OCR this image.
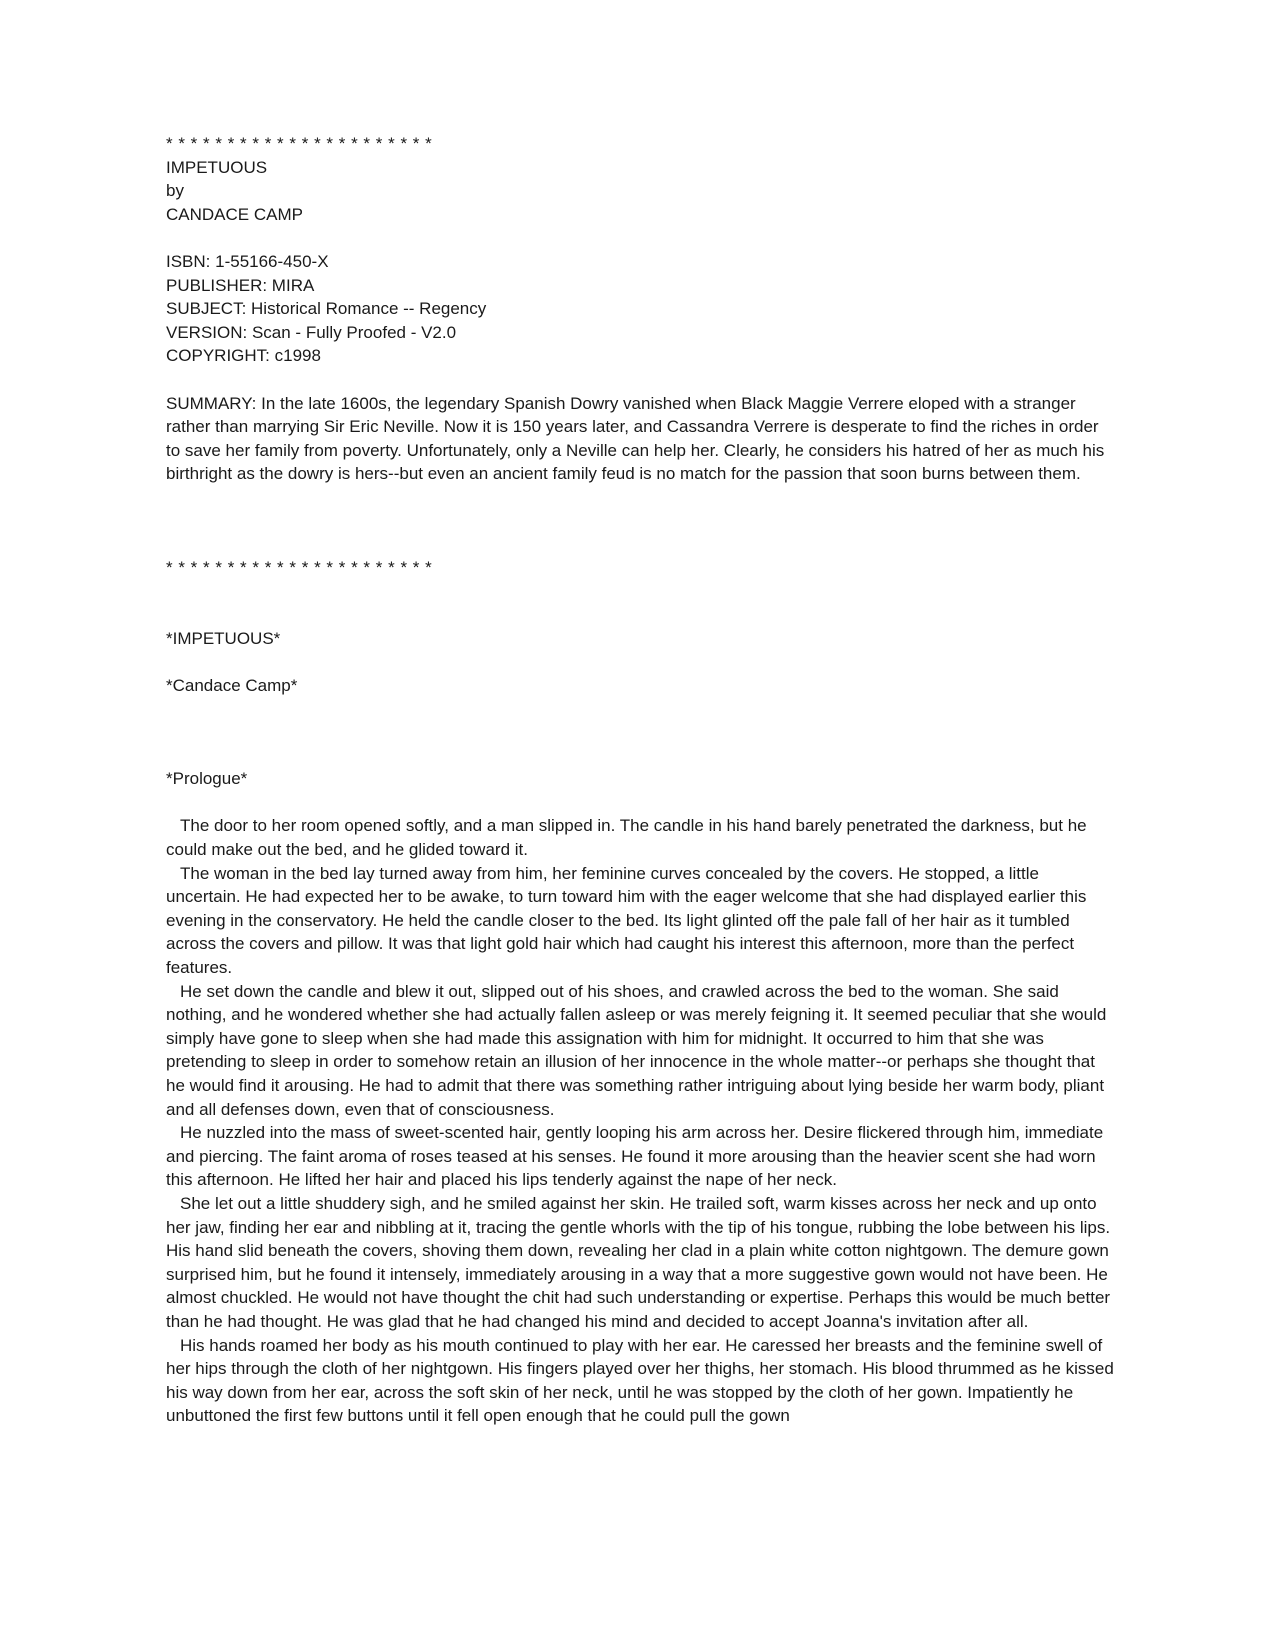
* * * * * * * * * * * * * * * * * * * * * *
IMPETUOUS
by
CANDACE CAMP
ISBN: 1-55166-450-X
PUBLISHER: MIRA
SUBJECT: Historical Romance -- Regency
VERSION: Scan - Fully Proofed - V2.0
COPYRIGHT: c1998

SUMMARY: In the late 1600s, the legendary Spanish Dowry vanished when Black Maggie Verrere eloped with a stranger rather than marrying Sir Eric Neville. Now it is 150 years later, and Cassandra Verrere is desperate to find the riches in order to save her family from poverty. Unfortunately, only a Neville can help her. Clearly, he considers his hatred of her as much his birthright as the dowry is hers--but even an ancient family feud is no match for the passion that soon burns between them.

* * * * * * * * * * * * * * * * * * * * * *
*IMPETUOUS*
*Candace Camp*
*Prologue*

The door to her room opened softly, and a man slipped in. The candle in his hand barely penetrated the darkness, but he could make out the bed, and he glided toward it.

The woman in the bed lay turned away from him, her feminine curves concealed by the covers. He stopped, a little uncertain. He had expected her to be awake, to turn toward him with the eager welcome that she had displayed earlier this evening in the conservatory. He held the candle closer to the bed. Its light glinted off the pale fall of her hair as it tumbled across the covers and pillow. It was that light gold hair which had caught his interest this afternoon, more than the perfect features.

He set down the candle and blew it out, slipped out of his shoes, and crawled across the bed to the woman. She said nothing, and he wondered whether she had actually fallen asleep or was merely feigning it. It seemed peculiar that she would simply have gone to sleep when she had made this assignation with him for midnight. It occurred to him that she was pretending to sleep in order to somehow retain an illusion of her innocence in the whole matter--or perhaps she thought that he would find it arousing. He had to admit that there was something rather intriguing about lying beside her warm body, pliant and all defenses down, even that of consciousness.

He nuzzled into the mass of sweet-scented hair, gently looping his arm across her. Desire flickered through him, immediate and piercing. The faint aroma of roses teased at his senses. He found it more arousing than the heavier scent she had worn this afternoon. He lifted her hair and placed his lips tenderly against the nape of her neck.

She let out a little shuddery sigh, and he smiled against her skin. He trailed soft, warm kisses across her neck and up onto her jaw, finding her ear and nibbling at it, tracing the gentle whorls with the tip of his tongue, rubbing the lobe between his lips. His hand slid beneath the covers, shoving them down, revealing her clad in a plain white cotton nightgown. The demure gown surprised him, but he found it intensely, immediately arousing in a way that a more suggestive gown would not have been. He almost chuckled. He would not have thought the chit had such understanding or expertise. Perhaps this would be much better than he had thought. He was glad that he had changed his mind and decided to accept Joanna's invitation after all.

His hands roamed her body as his mouth continued to play with her ear. He caressed her breasts and the feminine swell of her hips through the cloth of her nightgown. His fingers played over her thighs, her stomach. His blood thrummed as he kissed his way down from her ear, across the soft skin of her neck, until he was stopped by the cloth of her gown. Impatiently he unbuttoned the first few buttons until it fell open enough that he could pull the gown
